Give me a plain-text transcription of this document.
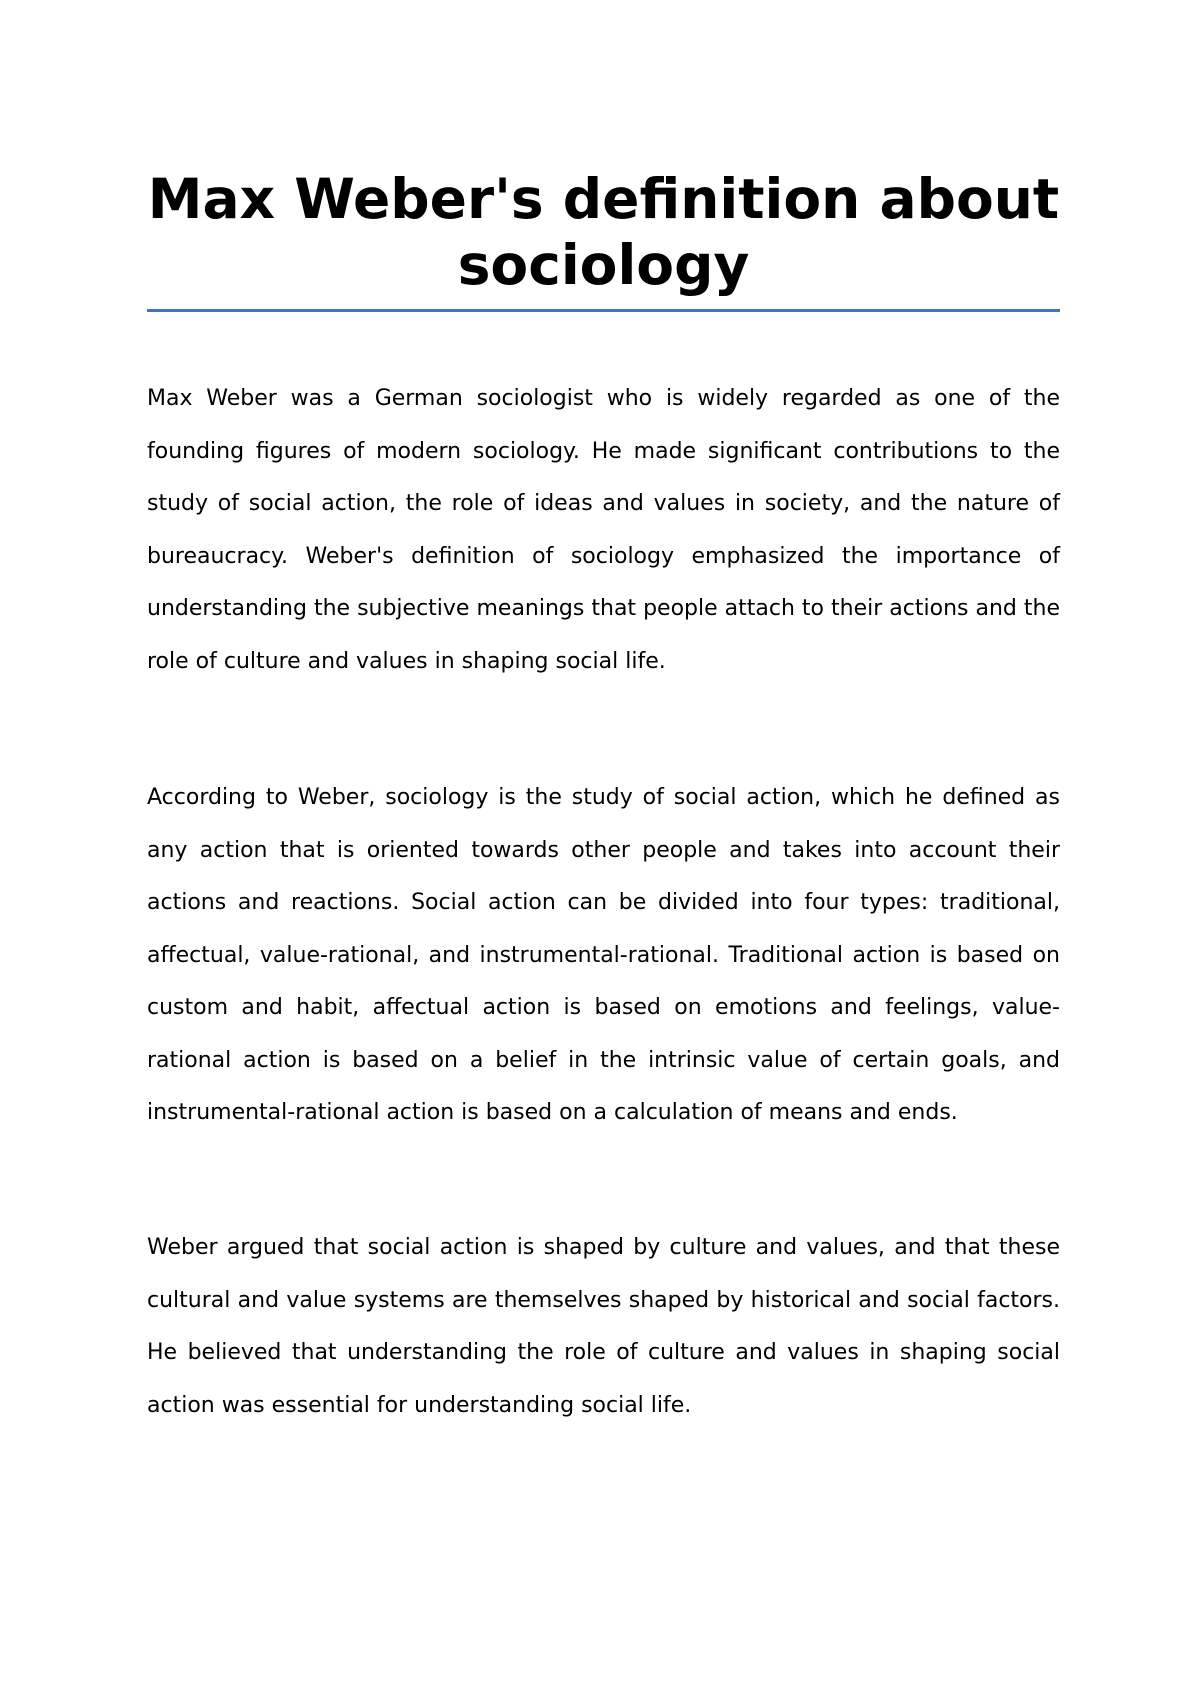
Max Weber's definition about sociology

Max Weber was a German sociologist who is widely regarded as one of the founding figures of modern sociology. He made significant contributions to the study of social action, the role of ideas and values in society, and the nature of bureaucracy. Weber's definition of sociology emphasized the importance of understanding the subjective meanings that people attach to their actions and the role of culture and values in shaping social life.

According to Weber, sociology is the study of social action, which he defined as any action that is oriented towards other people and takes into account their actions and reactions. Social action can be divided into four types: traditional, affectual, value-rational, and instrumental-rational. Traditional action is based on custom and habit, affectual action is based on emotions and feelings, value-rational action is based on a belief in the intrinsic value of certain goals, and instrumental-rational action is based on a calculation of means and ends.

Weber argued that social action is shaped by culture and values, and that these cultural and value systems are themselves shaped by historical and social factors. He believed that understanding the role of culture and values in shaping social action was essential for understanding social life.
